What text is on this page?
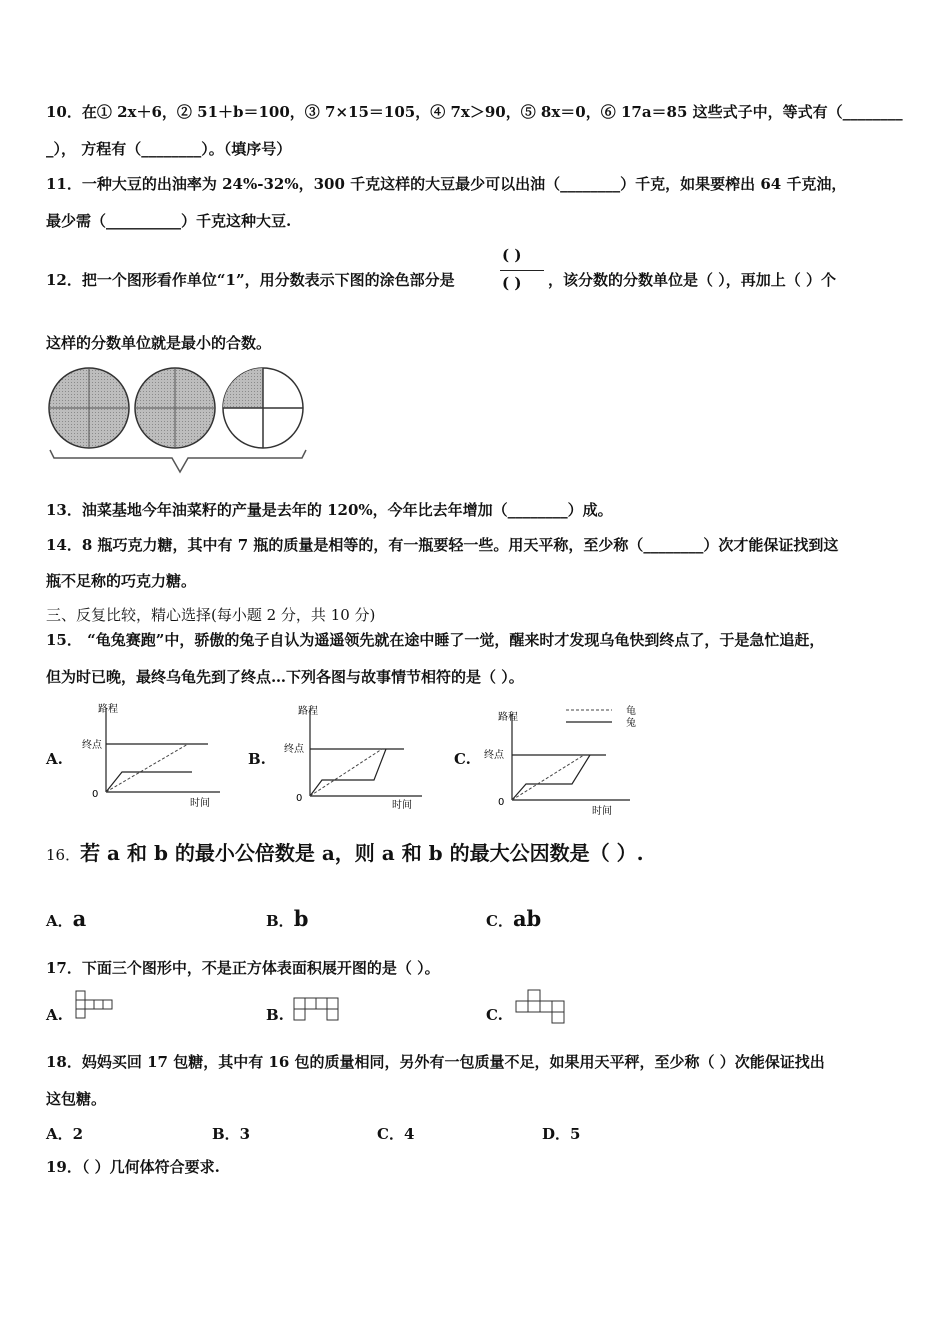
10．在① 2x＋6，② 51＋b＝100，③ 7×15＝105，④ 7x＞90，⑤ 8x＝0，⑥ 17a＝85 这些式子中，等式有（________
_）， 方程有（________）。（填序号）
11．一种大豆的出油率为 24%-32%，300 千克这样的大豆最少可以出油（________）千克，如果要榨出 64 千克油，
最少需（__________）千克这种大豆.
12．把一个图形看作单位“1”，用分数表示下图的涂色部分是
( )
( ) ，该分数的分数单位是（ ），再加上（ ）个
这样的分数单位就是最小的合数。
13．油菜基地今年油菜籽的产量是去年的 120%，今年比去年增加（________）成。
14．8 瓶巧克力糖，其中有 7 瓶的质量是相等的，有一瓶要轻一些。用天平称，至少称（________）次才能保证找到这
瓶不足称的巧克力糖。
三、反复比较，精心选择(每小题 2 分，共 10 分)
15． “龟兔赛跑”中，骄傲的兔子自认为遥遥领先就在途中睡了一觉，醒来时才发现乌龟快到终点了，于是急忙追赶，
但为时已晚，最终乌龟先到了终点…下列各图与故事情节相符的是（ ）。
A.
路程
终点
0
时间
B.
路程
终点
0
时间
C.
路程
终点
0
时间
龟
兔
16．若 a 和 b 的最小公倍数是 a，则 a 和 b 的最大公因数是（ ）.
A．a	B．b	C．ab
17．下面三个图形中，不是正方体表面积展开图的是（ ）。
A.	B.	C.
18．妈妈买回 17 包糖，其中有 16 包的质量相同，另外有一包质量不足，如果用天平秤，至少称（ ）次能保证找出
这包糖。
A．2	B．3	C．4	D．5
19．（ ）几何体符合要求.
